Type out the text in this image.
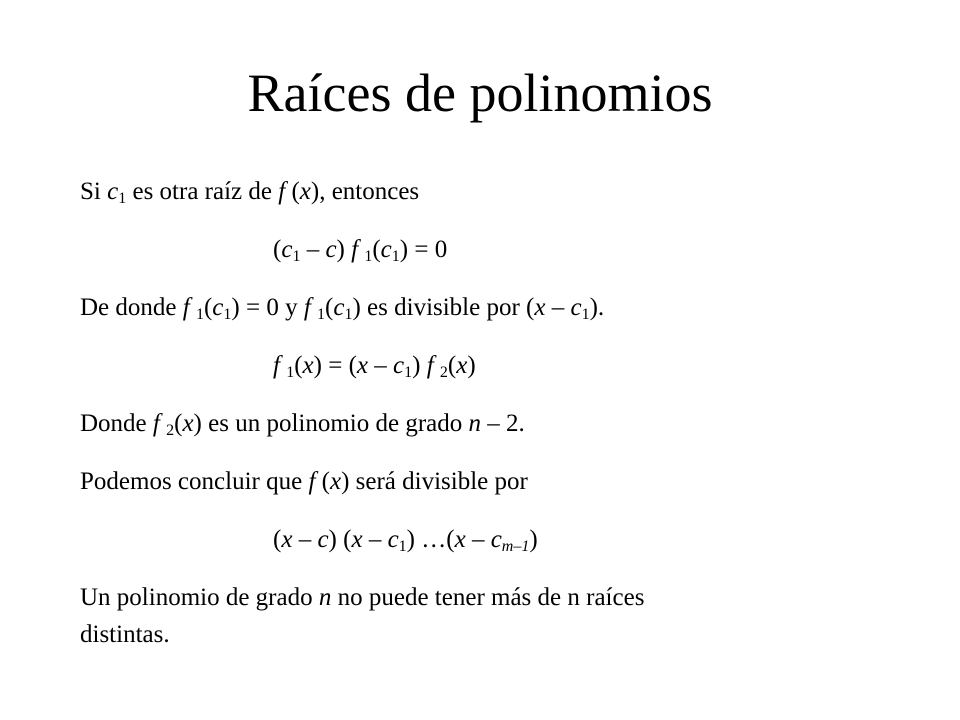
Raíces de polinomios
Si $c_1$ es otra raíz de f (x), entonces
$(c_1 - c)$ f $_1(c_1) = 0$
De donde f $_1(c_1) = 0$ y f $_1(c_1)$ es divisible por $(x - c_1)$.
f $_1(x) = (x - c_1)$ f $_2$(x)
Donde f $_2$(x) es un polinomio de grado n – 2.
Podemos concluir que f (x) será divisible por
(x – c) $(x - c_1)$ …(x – $c_{m-1}$)
Un polinomio de grado n no puede tener más de n raíces
distintas.
